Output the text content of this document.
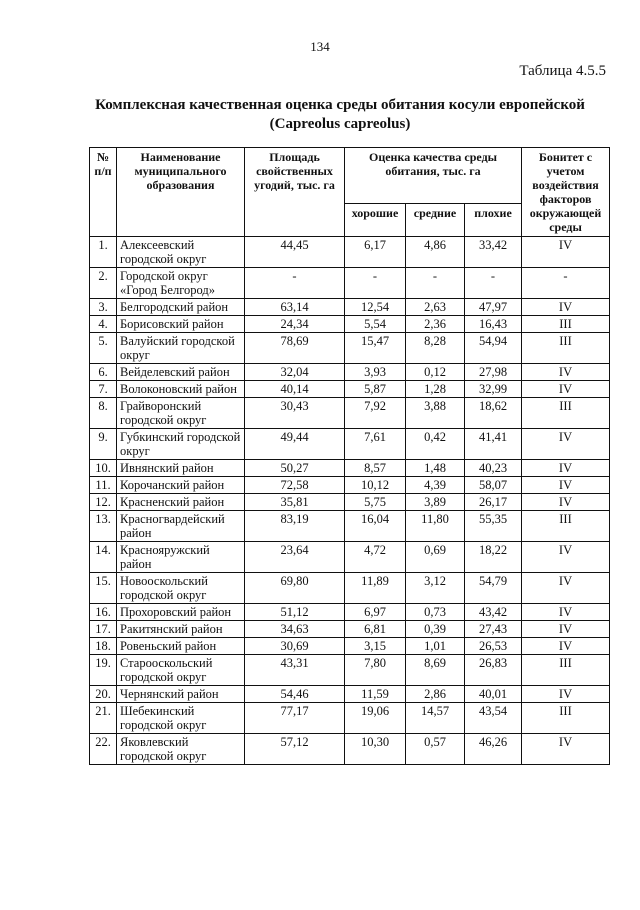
134
Таблица 4.5.5
Комплексная качественная оценка среды обитания косули европейской
(Capreolus capreolus)
№ п/п	Наименование муниципального образования	Площадь свойственных угодий, тыс. га	Оценка качества среды обитания, тыс. га			Бонитет с учетом воздействия факторов окружающей среды
			хорошие	средние	плохие	
1.	Алексеевский городской округ	44,45	6,17	4,86	33,42	IV
2.	Городской округ «Город Белгород»	-	-	-	-	-
3.	Белгородский район	63,14	12,54	2,63	47,97	IV
4.	Борисовский район	24,34	5,54	2,36	16,43	III
5.	Валуйский городской округ	78,69	15,47	8,28	54,94	III
6.	Вейделевский район	32,04	3,93	0,12	27,98	IV
7.	Волоконовский район	40,14	5,87	1,28	32,99	IV
8.	Грайворонский городской округ	30,43	7,92	3,88	18,62	III
9.	Губкинский городской округ	49,44	7,61	0,42	41,41	IV
10.	Ивнянский район	50,27	8,57	1,48	40,23	IV
11.	Корочанский район	72,58	10,12	4,39	58,07	IV
12.	Красненский район	35,81	5,75	3,89	26,17	IV
13.	Красногвардейский район	83,19	16,04	11,80	55,35	III
14.	Краснояружский район	23,64	4,72	0,69	18,22	IV
15.	Новооскольский городской округ	69,80	11,89	3,12	54,79	IV
16.	Прохоровский район	51,12	6,97	0,73	43,42	IV
17.	Ракитянский район	34,63	6,81	0,39	27,43	IV
18.	Ровеньский район	30,69	3,15	1,01	26,53	IV
19.	Старооскольский городской округ	43,31	7,80	8,69	26,83	III
20.	Чернянский район	54,46	11,59	2,86	40,01	IV
21.	Шебекинский городской округ	77,17	19,06	14,57	43,54	III
22.	Яковлевский городской округ	57,12	10,30	0,57	46,26	IV
